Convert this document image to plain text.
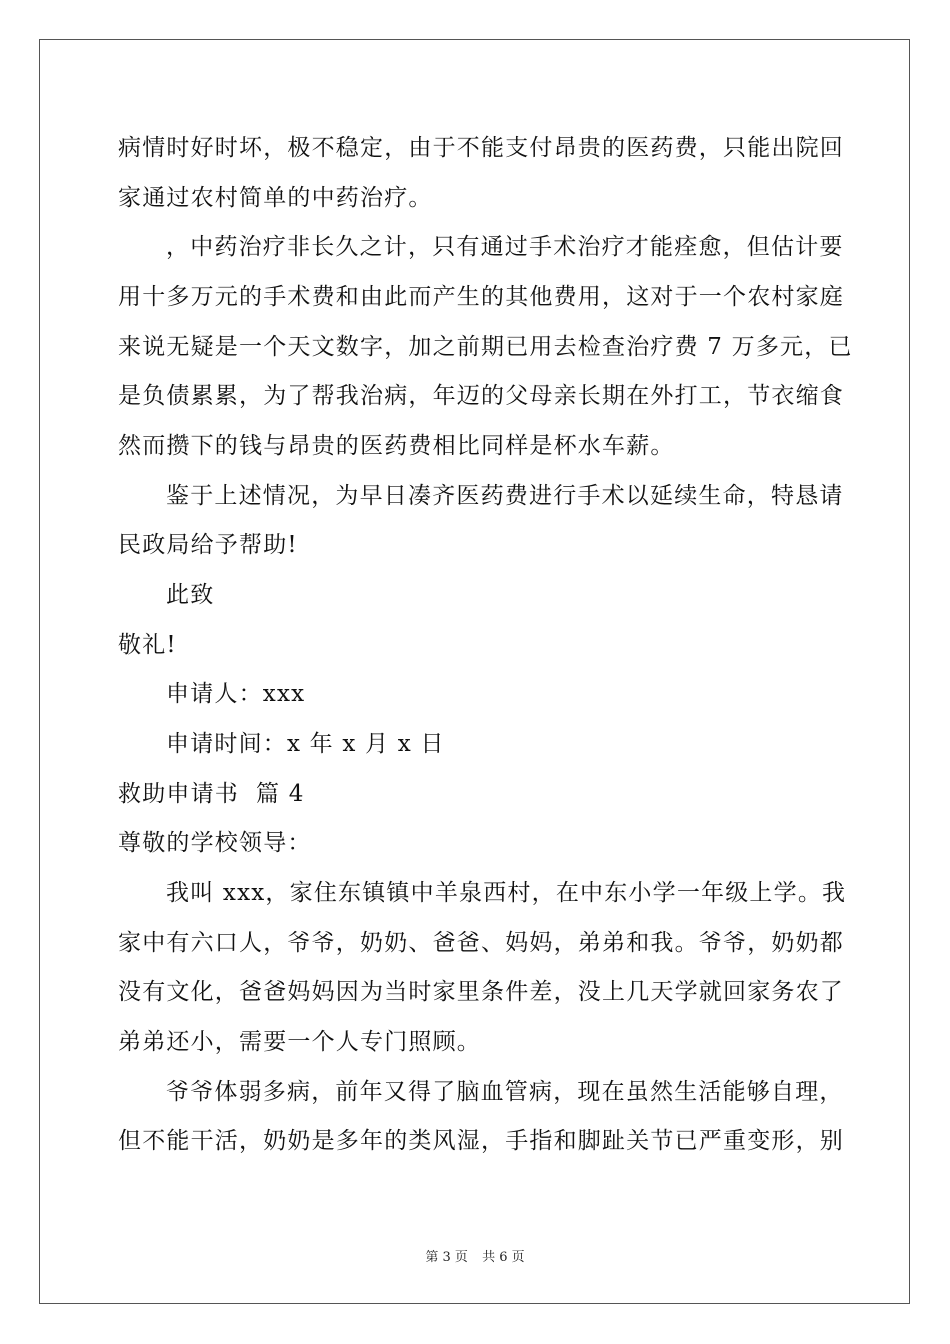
病情时好时坏，极不稳定，由于不能支付昂贵的医药费，只能出院回
家通过农村简单的中药治疗。
，中药治疗非长久之计，只有通过手术治疗才能痊愈，但估计要
用十多万元的手术费和由此而产生的其他费用，这对于一个农村家庭
来说无疑是一个天文数字，加之前期已用去检查治疗费 7 万多元，已
是负债累累，为了帮我治病，年迈的父母亲长期在外打工，节衣缩食
然而攒下的钱与昂贵的医药费相比同样是杯水车薪。
鉴于上述情况，为早日凑齐医药费进行手术以延续生命，特恳请
民政局给予帮助!
此致
敬礼!
申请人：xxx
申请时间：x 年 x 月 x 日
救助申请书  篇 4
尊敬的学校领导：
我叫 xxx，家住东镇镇中羊泉西村，在中东小学一年级上学。我
家中有六口人，爷爷，奶奶、爸爸、妈妈，弟弟和我。爷爷，奶奶都
没有文化，爸爸妈妈因为当时家里条件差，没上几天学就回家务农了
弟弟还小，需要一个人专门照顾。
爷爷体弱多病，前年又得了脑血管病，现在虽然生活能够自理，
但不能干活，奶奶是多年的类风湿，手指和脚趾关节已严重变形，别
第 3 页 共 6 页
